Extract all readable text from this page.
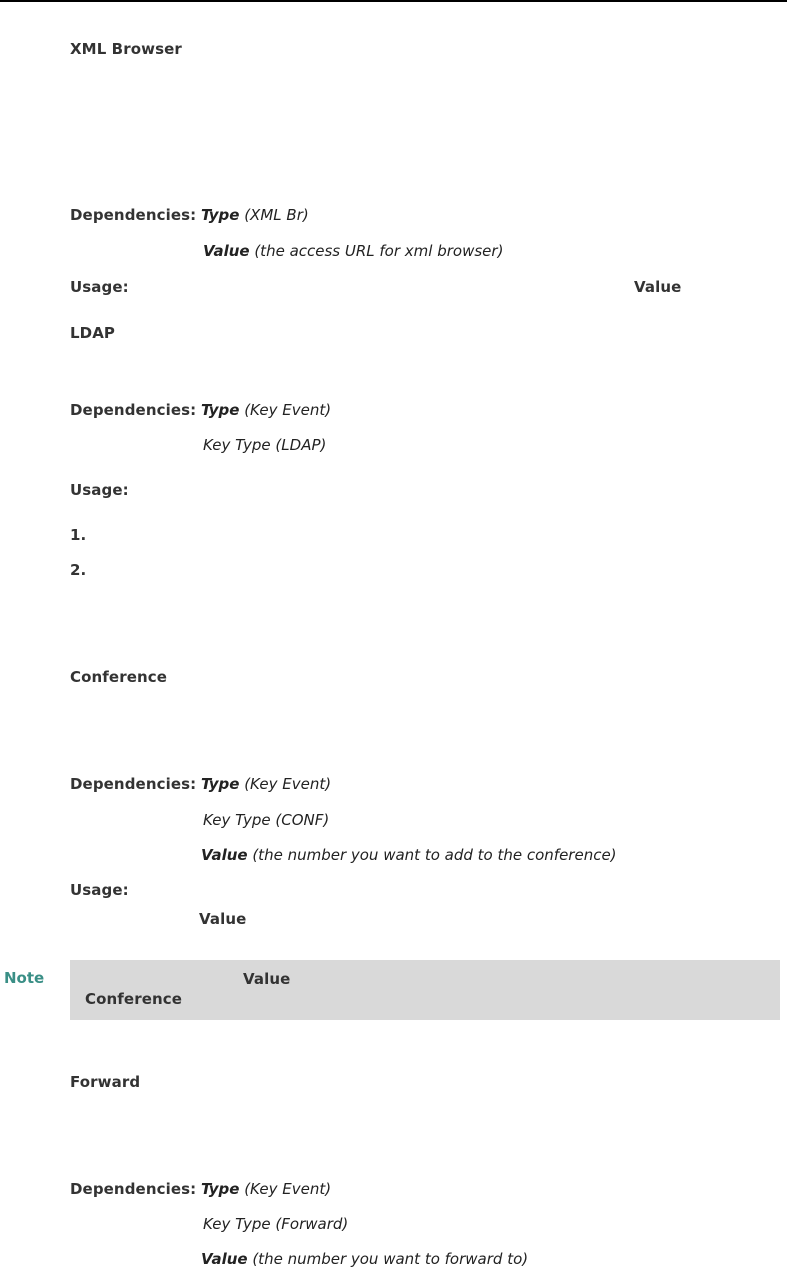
XML Browser
Dependencies: Type (XML Br)
Value (the access URL for xml browser)
Usage:	Value
LDAP
Dependencies: Type (Key Event)
Key Type (LDAP)
Usage:
1.
2.
Conference
Dependencies: Type (Key Event)
Key Type (CONF)
Value (the number you want to add to the conference)
Usage:
Value
Note	Value
Conference
Forward
Dependencies: Type (Key Event)
Key Type (Forward)
Value (the number you want to forward to)
